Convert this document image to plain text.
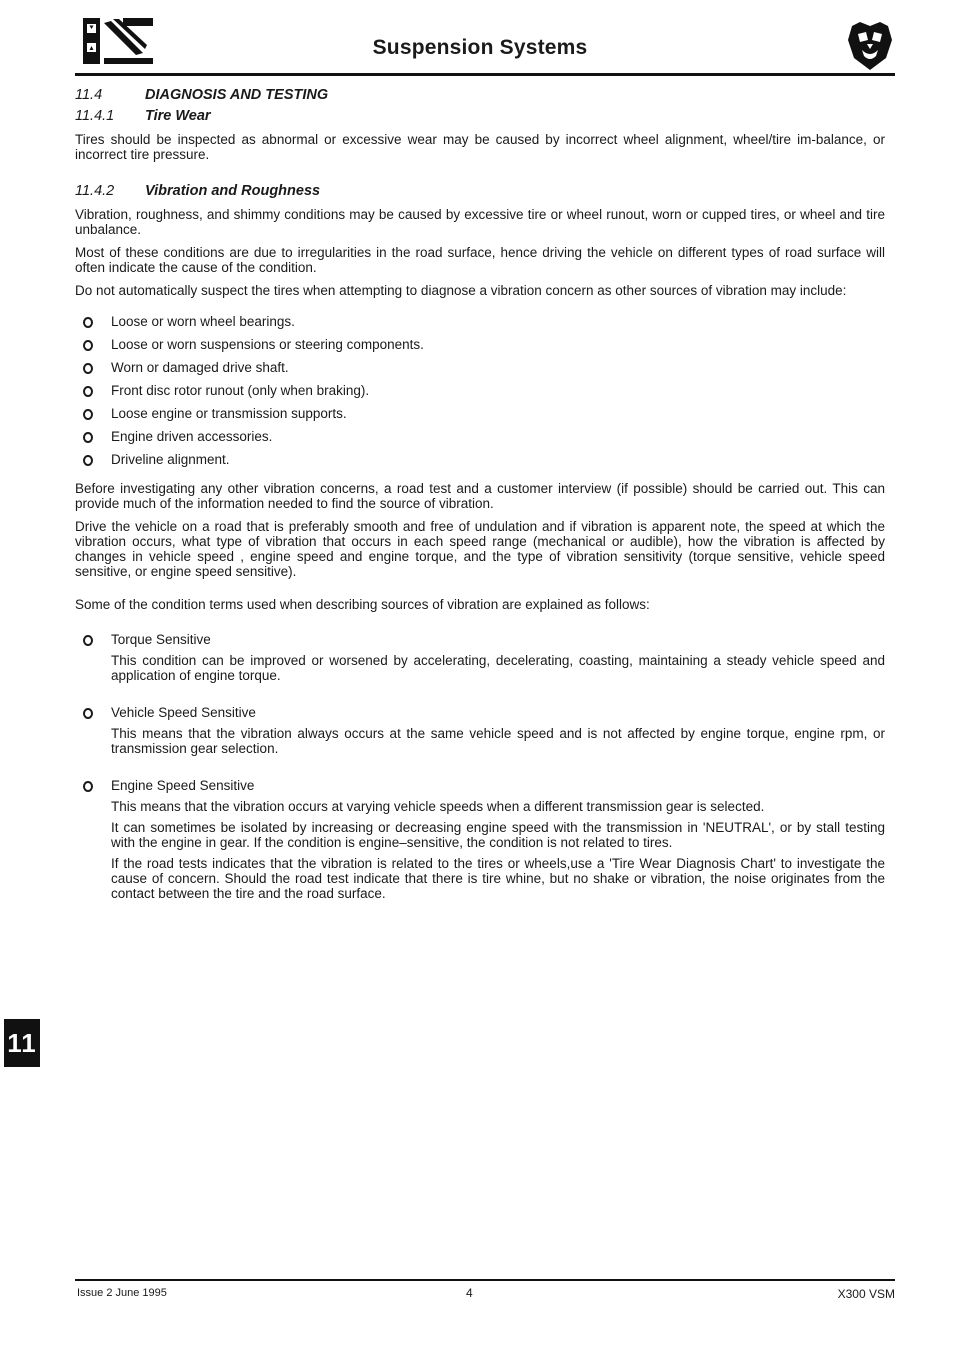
Suspension Systems
11.4	DIAGNOSIS AND TESTING
11.4.1	Tire Wear

Tires should be inspected as abnormal or excessive wear may be caused by incorrect wheel alignment, wheel/tire im-balance, or incorrect tire pressure.

11.4.2	Vibration and Roughness

Vibration, roughness, and shimmy conditions may be caused by excessive tire or wheel runout, worn or cupped tires, or wheel and tire unbalance.

Most of these conditions are due to irregularities in the road surface, hence driving the vehicle on different types of road surface will often indicate the cause of the condition.

Do not automatically suspect the tires when attempting to diagnose a vibration concern as other sources of vibration may include:

Loose or worn wheel bearings.
Loose or worn suspensions or steering components.
Worn or damaged drive shaft.
Front disc rotor runout (only when braking).
Loose engine or transmission supports.
Engine driven accessories.
Driveline alignment.

Before investigating any other vibration concerns, a road test and a customer interview (if possible) should be carried out. This can provide much of the information needed to find the source of vibration.

Drive the vehicle on a road that is preferably smooth and free of undulation and if vibration is apparent note, the speed at which the vibration occurs, what type of vibration that occurs in each speed range (mechanical or audible), how the vibration is affected by changes in vehicle speed , engine speed and engine torque, and the type of vibration sensitivity (torque sensitive, vehicle speed sensitive, or engine speed sensitive).

Some of the condition terms used when describing sources of vibration are explained as follows:

Torque Sensitive

This condition can be improved or worsened by accelerating, decelerating, coasting, maintaining a steady vehicle speed and application of engine torque.

Vehicle Speed Sensitive

This means that the vibration always occurs at the same vehicle speed and is not affected by engine torque, engine rpm, or transmission gear selection.

Engine Speed Sensitive

This means that the vibration occurs at varying vehicle speeds when a different transmission gear is selected.

It can sometimes be isolated by increasing or decreasing engine speed with the transmission in 'NEUTRAL', or by stall testing with the engine in gear. If the condition is engine–sensitive, the condition is not related to tires.

If the road tests indicates that the vibration is related to the tires or wheels,use a 'Tire Wear Diagnosis Chart' to investigate the cause of concern. Should the road test indicate that there is tire whine, but no shake or vibration, the noise originates from the contact between the tire and the road surface.

11
Issue 2 June 1995	4	X300 VSM
